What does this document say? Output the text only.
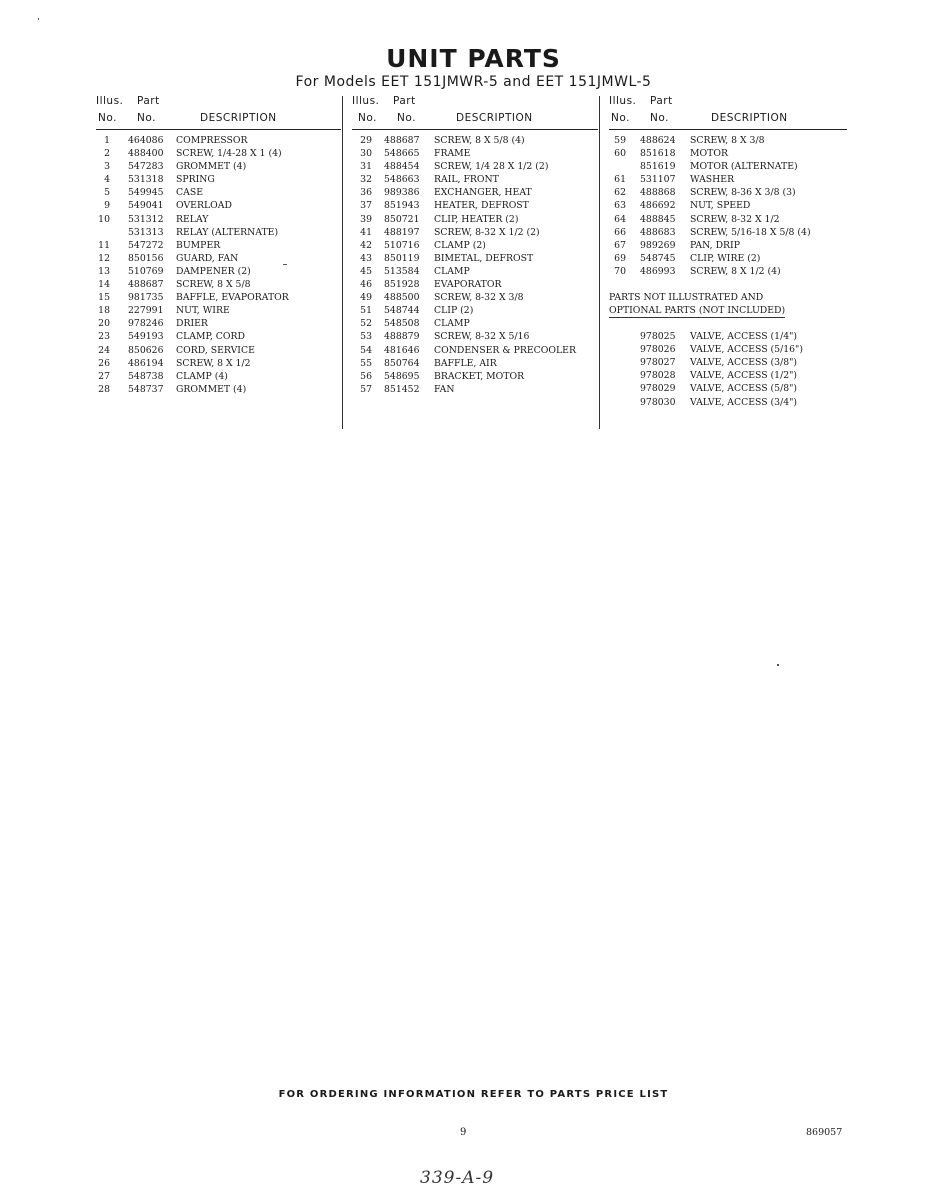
UNIT PARTS
For Models EET 151JMWR-5 and EET 151JMWL-5
Illus. Part
No. No.	DESCRIPTION
1 464086 COMPRESSOR
2 488400 SCREW, 1/4-28 X 1 (4)
3 547283 GROMMET (4)
4 531318 SPRING
5 549945 CASE
9 549041 OVERLOAD
10 531312 RELAY
531313 RELAY (ALTERNATE)
11 547272 BUMPER
12 850156 GUARD, FAN
13 510769 DAMPENER (2)
14 488687 SCREW, 8 X 5/8
15 981735 BAFFLE, EVAPORATOR
18 227991 NUT, WIRE
20 978246 DRIER
23 549193 CLAMP, CORD
24 850626 CORD, SERVICE
26 486194 SCREW, 8 X 1/2
27 548738 CLAMP (4)
28 548737 GROMMET (4)
Illus. Part
No. No.	DESCRIPTION
29 488687 SCREW, 8 X 5/8 (4)
30 548665 FRAME
31 488454 SCREW, 1/4 28 X 1/2 (2)
32 548663 RAIL, FRONT
36 989386 EXCHANGER, HEAT
37 851943 HEATER, DEFROST
39 850721 CLIP, HEATER (2)
41 488197 SCREW, 8-32 X 1/2 (2)
42 510716 CLAMP (2)
43 850119 BIMETAL, DEFROST
45 513584 CLAMP
46 851928 EVAPORATOR
49 488500 SCREW, 8-32 X 3/8
51 548744 CLIP (2)
52 548508 CLAMP
53 488879 SCREW, 8-32 X 5/16
54 481646 CONDENSER & PRECOOLER
55 850764 BAFFLE, AIR
56 548695 BRACKET, MOTOR
57 851452 FAN
Illus. Part
No. No.	DESCRIPTION
59 488624 SCREW, 8 X 3/8
60 851618 MOTOR
851619 MOTOR (ALTERNATE)
61 531107 WASHER
62 488868 SCREW, 8-36 X 3/8 (3)
63 486692 NUT, SPEED
64 488845 SCREW, 8-32 X 1/2
66 488683 SCREW, 5/16-18 X 5/8 (4)
67 989269 PAN, DRIP
69 548745 CLIP, WIRE (2)
70 486993 SCREW, 8 X 1/2 (4)
PARTS NOT ILLUSTRATED AND
OPTIONAL PARTS (NOT INCLUDED)
978025 VALVE, ACCESS (1/4")
978026 VALVE, ACCESS (5/16")
978027 VALVE, ACCESS (3/8")
978028 VALVE, ACCESS (1/2")
978029 VALVE, ACCESS (5/8")
978030 VALVE, ACCESS (3/4")
FOR ORDERING INFORMATION REFER TO PARTS PRICE LIST
9	869057
339-A-9
